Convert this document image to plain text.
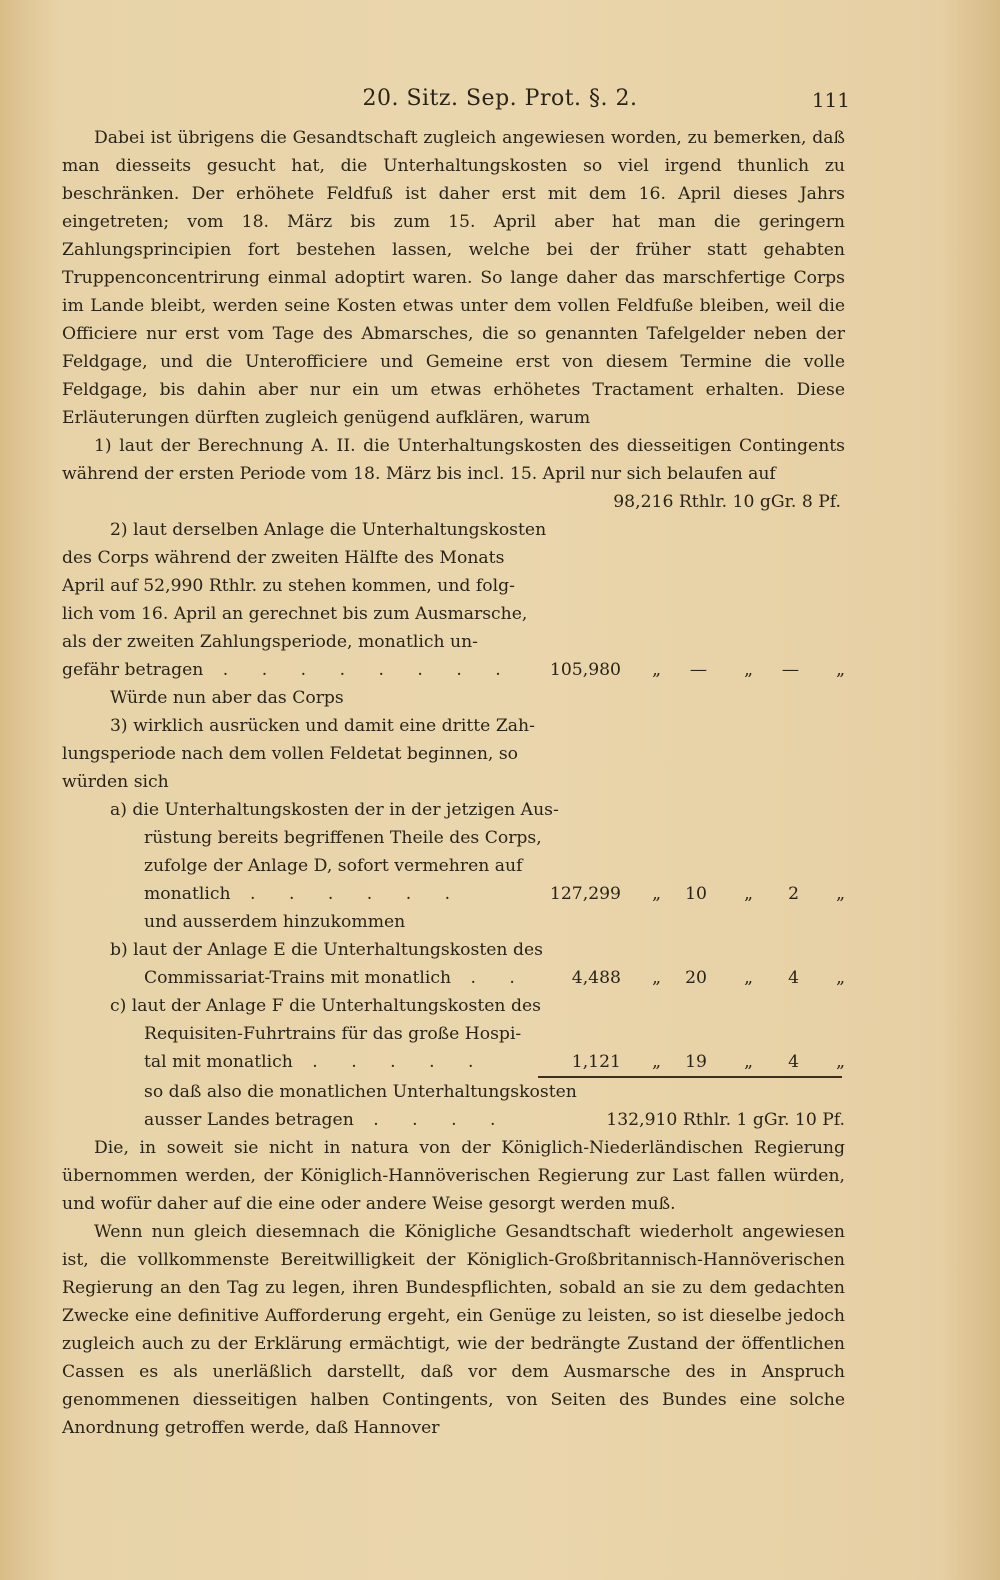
20. Sitz. Sep. Prot. §. 2.	111

Dabei ist übrigens die Gesandtschaft zugleich angewiesen worden, zu bemerken, daß man diesseits gesucht hat, die Unterhaltungskosten so viel irgend thunlich zu beschränken. Der erhöhete Feldfuß ist daher erst mit dem 16. April dieses Jahrs eingetreten; vom 18. März bis zum 15. April aber hat man die geringern Zahlungsprincipien fort bestehen lassen, welche bei der früher statt gehabten Truppenconcentrirung einmal adoptirt waren. So lange daher das marschfertige Corps im Lande bleibt, werden seine Kosten etwas unter dem vollen Feldfuße bleiben, weil die Officiere nur erst vom Tage des Abmarsches, die so genannten Tafelgelder neben der Feldgage, und die Unterofficiere und Gemeine erst von diesem Termine die volle Feldgage, bis dahin aber nur ein um etwas erhöhetes Tractament erhalten. Diese Erläuterungen dürften zugleich genügend aufklären, warum

1) laut der Berechnung A. II. die Unterhaltungskosten des diesseitigen Contingents während der ersten Periode vom 18. März bis incl. 15. April nur sich belaufen auf

98,216 Rthlr. 10 gGr. 8 Pf.
2) laut derselben Anlage die Unterhaltungskosten
des Corps während der zweiten Hälfte des Monats
April auf 52,990 Rthlr. zu stehen kommen, und folg-
lich vom 16. April an gerechnet bis zum Ausmarsche,
als der zweiten Zahlungsperiode, monatlich un-
gefähr betragen . . . . . . . .	105,980	„	—	„	—	„
Würde nun aber das Corps
3) wirklich ausrücken und damit eine dritte Zah-
lungsperiode nach dem vollen Feldetat beginnen, so
würden sich
a) die Unterhaltungskosten der in der jetzigen Aus-
rüstung bereits begriffenen Theile des Corps,
zufolge der Anlage D, sofort vermehren auf
monatlich . . . . . .	127,299	„	10	„	2	„
und ausserdem hinzukommen
b) laut der Anlage E die Unterhaltungskosten des
Commissariat-Trains mit monatlich . .	4,488	„	20	„	4	„
c) laut der Anlage F die Unterhaltungskosten des
Requisiten-Fuhrtrains für das große Hospi-
tal mit monatlich . . . . .	1,121	„	19	„	4	„
so daß also die monatlichen Unterhaltungskosten
ausser Landes betragen . . . .	132,910 Rthlr. 1 gGr. 10 Pf.

Die, in soweit sie nicht in natura von der Königlich-Niederländischen Regierung übernommen werden, der Königlich-Hannöverischen Regierung zur Last fallen würden, und wofür daher auf die eine oder andere Weise gesorgt werden muß.

Wenn nun gleich diesemnach die Königliche Gesandtschaft wiederholt angewiesen ist, die vollkommenste Bereitwilligkeit der Königlich-Großbritannisch-Hannöverischen Regierung an den Tag zu legen, ihren Bundespflichten, sobald an sie zu dem gedachten Zwecke eine definitive Aufforderung ergeht, ein Genüge zu leisten, so ist dieselbe jedoch zugleich auch zu der Erklärung ermächtigt, wie der bedrängte Zustand der öffentlichen Cassen es als unerläßlich darstellt, daß vor dem Ausmarsche des in Anspruch genommenen diesseitigen halben Contingents, von Seiten des Bundes eine solche Anordnung getroffen werde, daß Hannover
